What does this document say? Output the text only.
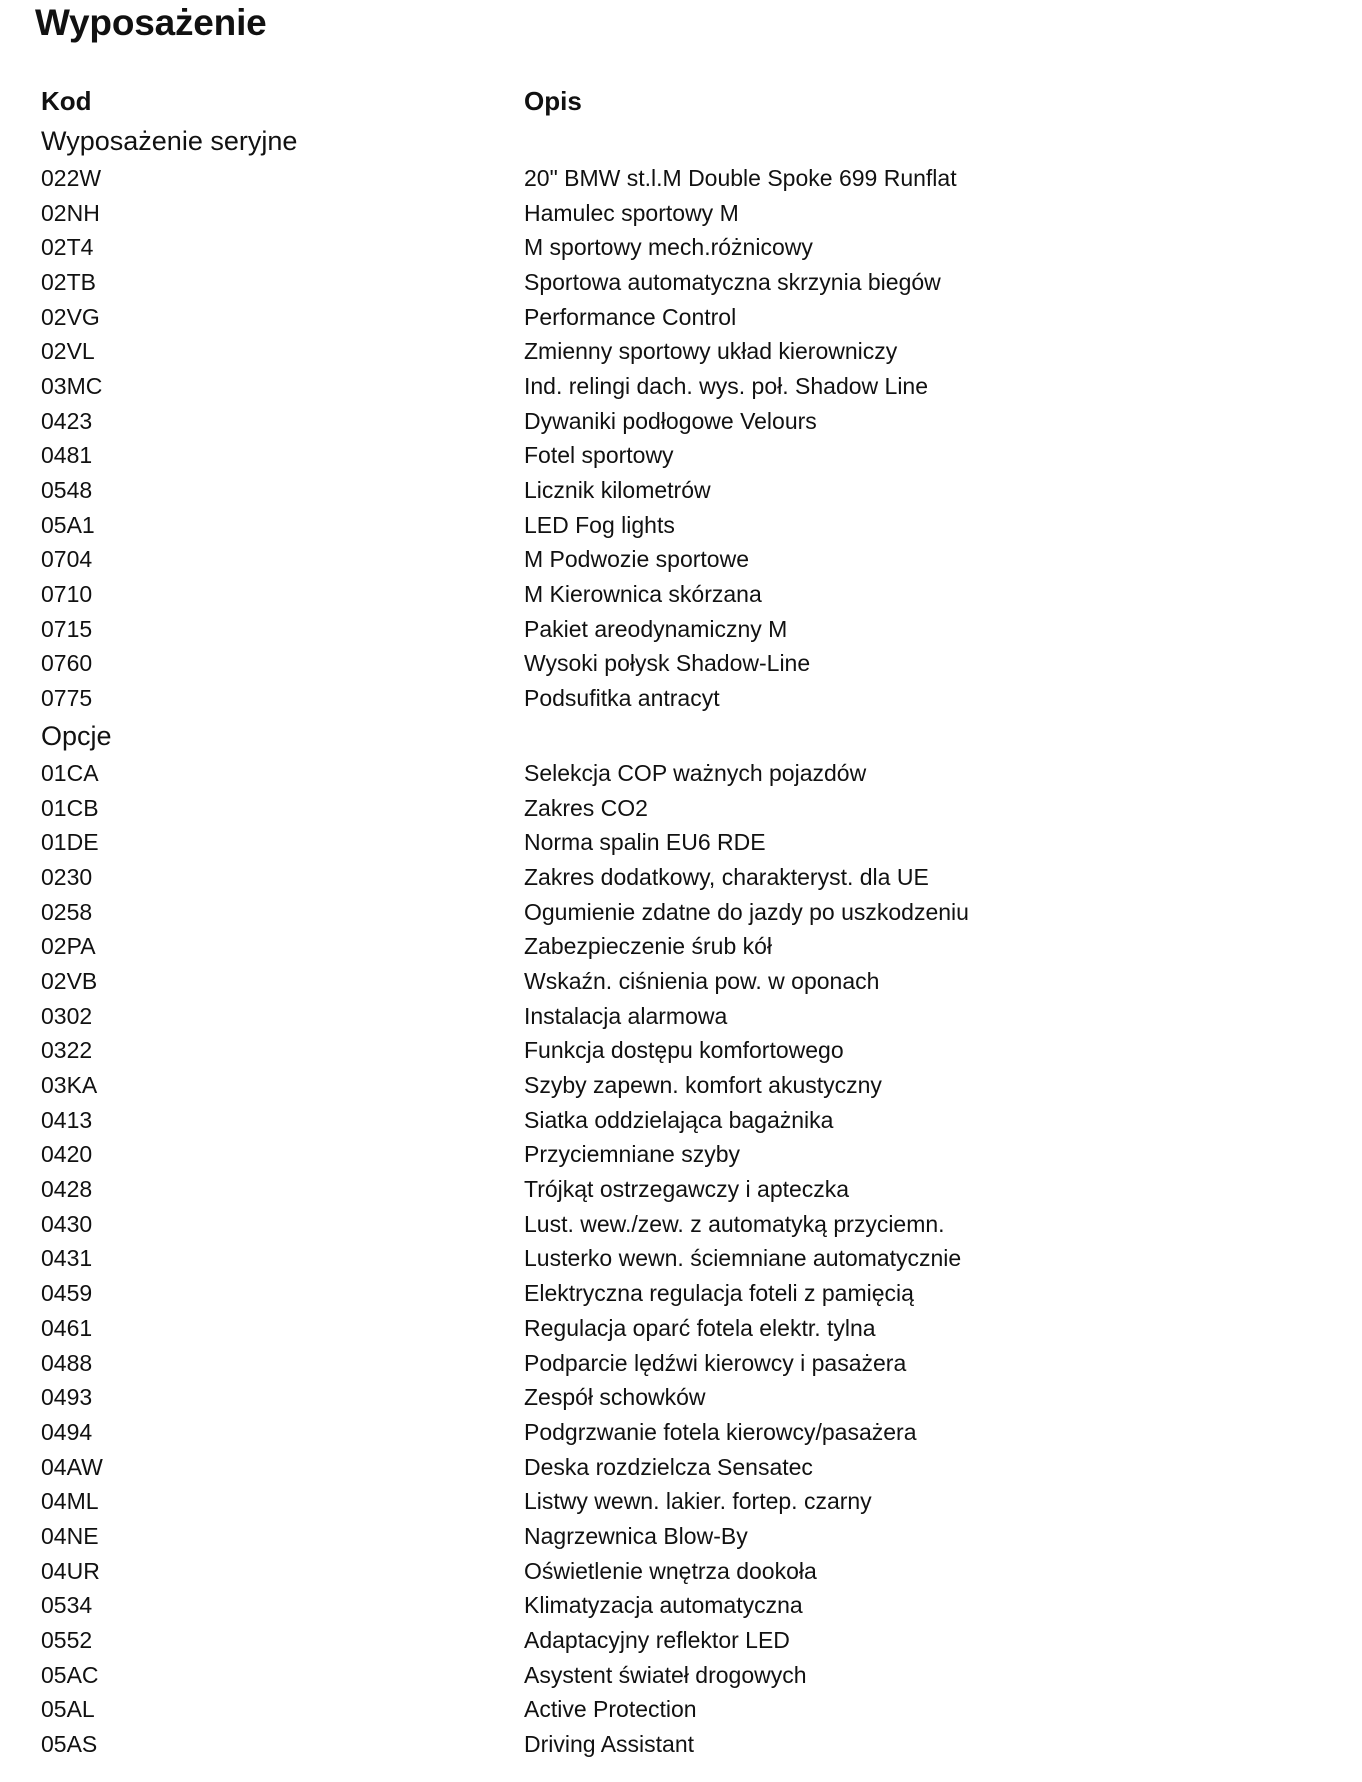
Wyposażenie
Kod	Opis
Wyposażenie seryjne
022W	20" BMW st.l.M Double Spoke 699 Runflat
02NH	Hamulec sportowy M
02T4	M sportowy mech.różnicowy
02TB	Sportowa automatyczna skrzynia biegów
02VG	Performance Control
02VL	Zmienny sportowy układ kierowniczy
03MC	Ind. relingi dach. wys. poł. Shadow Line
0423	Dywaniki podłogowe Velours
0481	Fotel sportowy
0548	Licznik kilometrów
05A1	LED Fog lights
0704	M Podwozie sportowe
0710	M Kierownica skórzana
0715	Pakiet areodynamiczny M
0760	Wysoki połysk Shadow-Line
0775	Podsufitka antracyt
Opcje
01CA	Selekcja COP ważnych pojazdów
01CB	Zakres CO2
01DE	Norma spalin EU6 RDE
0230	Zakres dodatkowy, charakteryst. dla UE
0258	Ogumienie zdatne do jazdy po uszkodzeniu
02PA	Zabezpieczenie śrub kół
02VB	Wskaźn. ciśnienia pow. w oponach
0302	Instalacja alarmowa
0322	Funkcja dostępu komfortowego
03KA	Szyby zapewn. komfort akustyczny
0413	Siatka oddzielająca bagażnika
0420	Przyciemniane szyby
0428	Trójkąt ostrzegawczy i apteczka
0430	Lust. wew./zew. z automatyką przyciemn.
0431	Lusterko wewn. ściemniane automatycznie
0459	Elektryczna regulacja foteli z pamięcią
0461	Regulacja oparć fotela elektr. tylna
0488	Podparcie lędźwi kierowcy i pasażera
0493	Zespół schowków
0494	Podgrzwanie fotela kierowcy/pasażera
04AW	Deska rozdzielcza Sensatec
04ML	Listwy wewn. lakier. fortep. czarny
04NE	Nagrzewnica Blow-By
04UR	Oświetlenie wnętrza dookoła
0534	Klimatyzacja automatyczna
0552	Adaptacyjny reflektor LED
05AC	Asystent świateł drogowych
05AL	Active Protection
05AS	Driving Assistant
